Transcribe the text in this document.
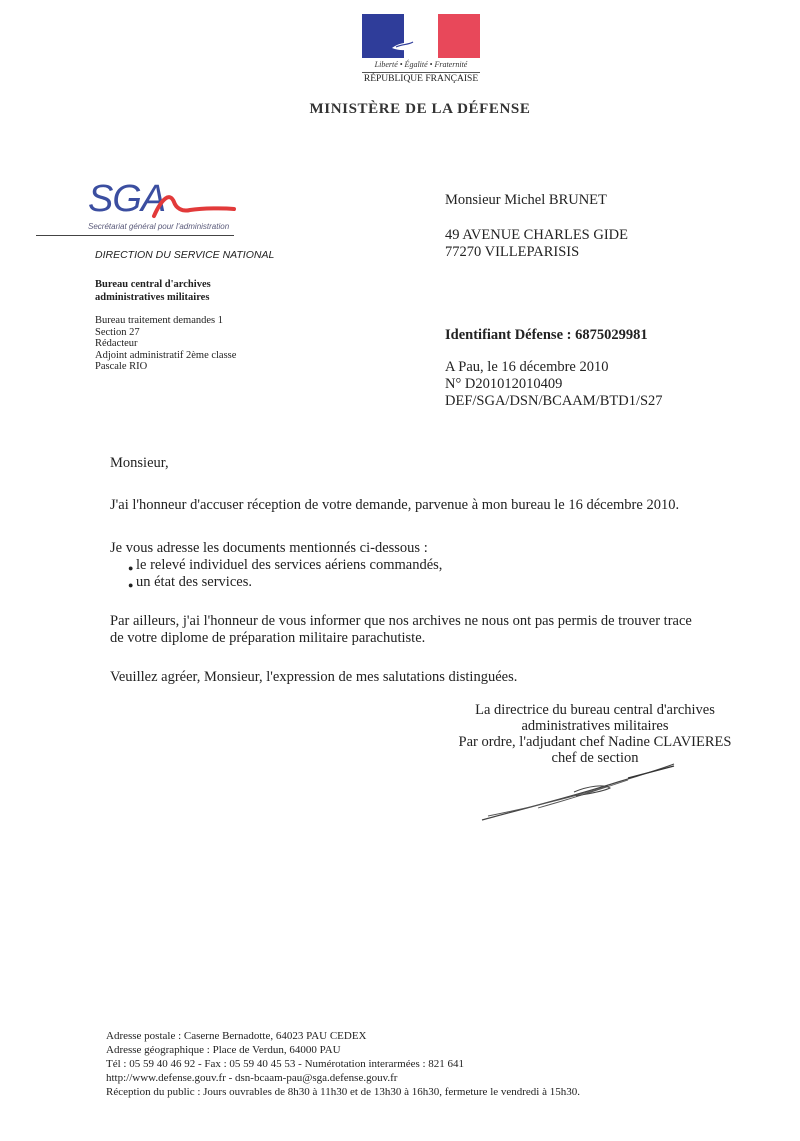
Liberté • Égalité • Fraternité
RÉPUBLIQUE FRANÇAISE
MINISTÈRE DE LA DÉFENSE
SGA
Secrétariat général pour l'administration
DIRECTION DU SERVICE NATIONAL
Bureau central d'archives
administratives militaires
Bureau traitement demandes 1
Section 27
Rédacteur
Adjoint administratif 2ème classe
Pascale RIO
Monsieur Michel BRUNET
49 AVENUE CHARLES GIDE
77270 VILLEPARISIS
Identifiant Défense : 6875029981
A Pau, le 16 décembre 2010
N° D201012010409
DEF/SGA/DSN/BCAAM/BTD1/S27

Monsieur,

J'ai l'honneur d'accuser réception de votre demande, parvenue à mon bureau le 16 décembre 2010.

Je vous adresse les documents mentionnés ci-dessous :

● le relevé individuel des services aériens commandés,
● un état des services.

Par ailleurs, j'ai l'honneur de vous informer que nos archives ne nous ont pas permis de trouver trace
de votre diplome de préparation militaire parachutiste.

Veuillez agréer, Monsieur, l'expression de mes salutations distinguées.

La directrice du bureau central d'archives
administratives militaires
Par ordre, l'adjudant chef Nadine CLAVIERES
chef de section
Adresse postale : Caserne Bernadotte, 64023 PAU CEDEX
Adresse géographique : Place de Verdun, 64000 PAU
Tél : 05 59 40 46 92 - Fax : 05 59 40 45 53 - Numérotation interarmées : 821 641
http://www.defense.gouv.fr - dsn-bcaam-pau@sga.defense.gouv.fr
Réception du public : Jours ouvrables de 8h30 à 11h30 et de 13h30 à 16h30, fermeture le vendredi à 15h30.
